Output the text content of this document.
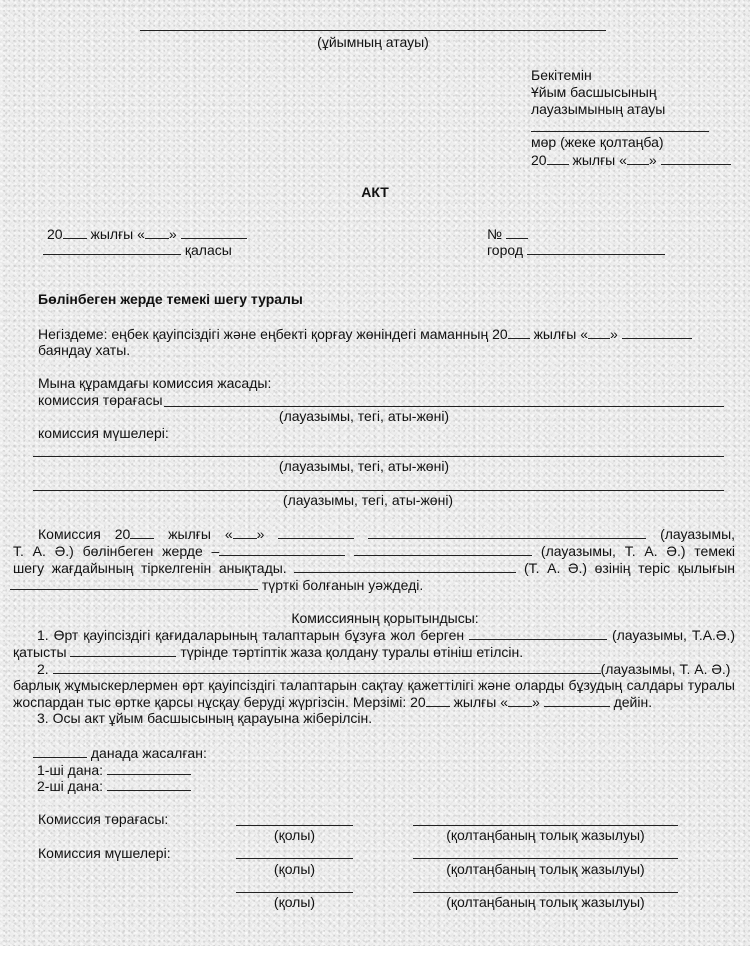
(ұйымның атауы)
Бекітемін
Ұйым басшысының
лауазымының атауы
мөр (жеке қолтаңба)
20 жылғы « »
АКТ
20 жылғы « »
қаласы
№
город
Бөлінбеген жерде темекі шегу туралы
Негіздеме: еңбек қауіпсіздігі және еңбекті қорғау жөніндегі маманның 20 жылғы « »
баяндау хаты.
Мына құрамдағы комиссия жасады:
комиссия төрағасы
(лауазымы, тегі, аты-жөні)
комиссия мүшелері:
(лауазымы, тегі, аты-жөні)
(лауазымы, тегі, аты-жөні)
Комиссия 20	жылғы « »	(лауазымы,
Т. А. Ә.) бөлінбеген жерде –	(лауазымы, Т. А. Ә.) темекі
шегу жағдайының тіркелгенін анықтады.	(Т. А. Ә.) өзінің теріс қылығын
түрткі болғанын уәждеді.
Комиссияның қорытындысы:
1. Өрт қауіпсіздігі қағидаларының талаптарын бұзуға жол берген	(лауазымы, Т.А.Ә.)
қатысты	түрінде тәртіптік жаза қолдану туралы өтініш етілсін.
2.	(лауазымы, Т. А. Ә.)
барлық жұмыскерлермен өрт қауіпсіздігі талаптарын сақтау қажеттілігі және оларды бұзудың салдары туралы
жоспардан тыс өртке қарсы нұсқау беруді жүргізсін. Мерзімі: 20 жылғы « »	дейін.
3. Осы акт ұйым басшысының қарауына жіберілсін.
данада жасалған:
1-ші дана:
2-ші дана:
Комиссия төрағасы:
(қолы)	(қолтаңбаның толық жазылуы)
Комиссия мүшелері:
(қолы)	(қолтаңбаның толық жазылуы)
(қолы)	(қолтаңбаның толық жазылуы)
